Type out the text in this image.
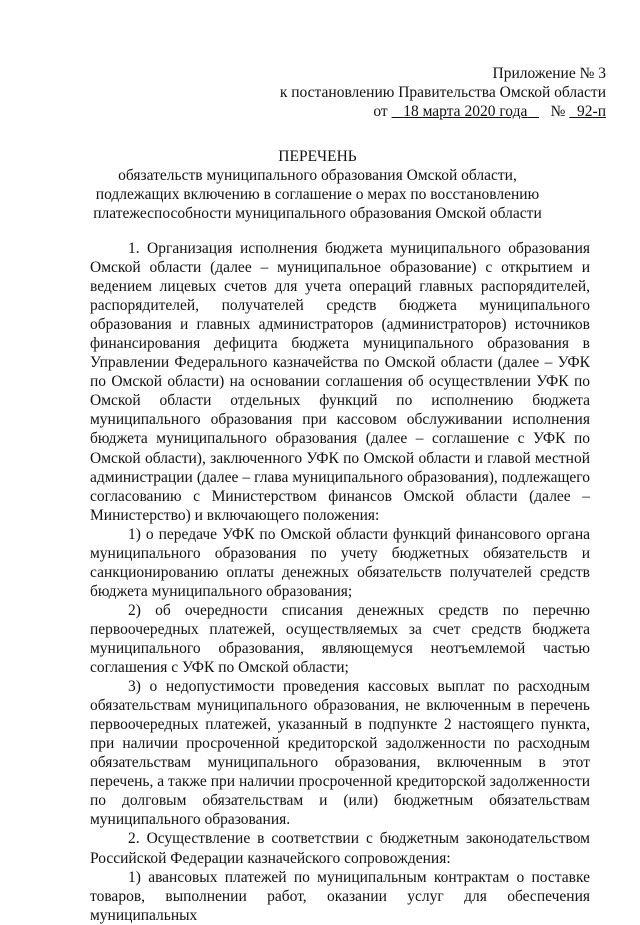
Приложение № 3
к постановлению Правительства Омской области
от 18 марта 2020 года № 92-п
ПЕРЕЧЕНЬ
обязательств муниципального образования Омской области, подлежащих включению в соглашение о мерах по восстановлению платежеспособности муниципального образования Омской области

1. Организация исполнения бюджета муниципального образования Омской области (далее – муниципальное образование) с открытием и ведением лицевых счетов для учета операций главных распорядителей, распорядителей, получателей средств бюджета муниципального образования и главных администраторов (администраторов) источников финансирования дефицита бюджета муниципального образования в Управлении Федерального казначейства по Омской области (далее – УФК по Омской области) на основании соглашения об осуществлении УФК по Омской области отдельных функций по исполнению бюджета муниципального образования при кассовом обслуживании исполнения бюджета муниципального образования (далее – соглашение с УФК по Омской области), заключенного УФК по Омской области и главой местной администрации (далее – глава муниципального образования), подлежащего согласованию с Министерством финансов Омской области (далее – Министерство) и включающего положения:

1) о передаче УФК по Омской области функций финансового органа муниципального образования по учету бюджетных обязательств и санкционированию оплаты денежных обязательств получателей средств бюджета муниципального образования;

2) об очередности списания денежных средств по перечню первоочередных платежей, осуществляемых за счет средств бюджета муниципального образования, являющемуся неотъемлемой частью соглашения с УФК по Омской области;

3) о недопустимости проведения кассовых выплат по расходным обязательствам муниципального образования, не включенным в перечень первоочередных платежей, указанный в подпункте 2 настоящего пункта, при наличии просроченной кредиторской задолженности по расходным обязательствам муниципального образования, включенным в этот перечень, а также при наличии просроченной кредиторской задолженности по долговым обязательствам и (или) бюджетным обязательствам муниципального образования.

2. Осуществление в соответствии с бюджетным законодательством Российской Федерации казначейского сопровождения:

1) авансовых платежей по муниципальным контрактам о поставке товаров, выполнении работ, оказании услуг для обеспечения муниципальных
